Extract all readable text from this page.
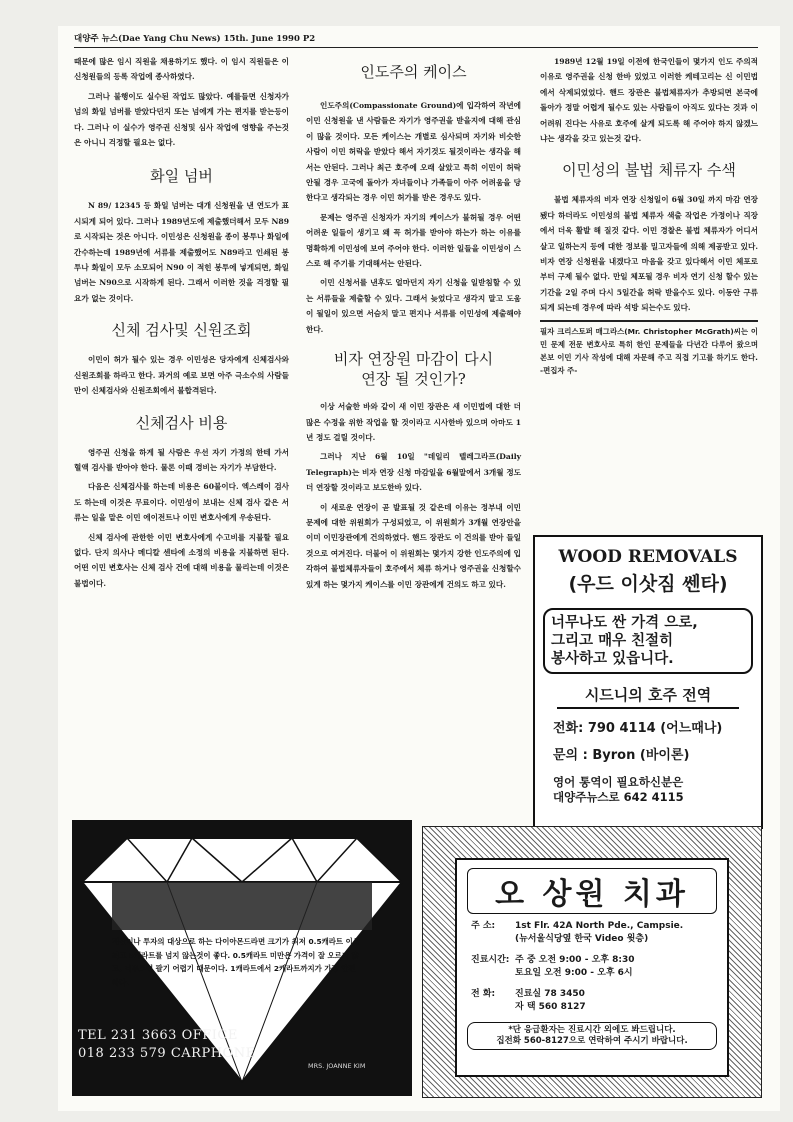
대양주 뉴스(Dae Yang Chu News) 15th. June 1990 P2

때문에 많은 임시 직원을 채용하기도 했다. 이 임시 직원들은 이 신청원들의 등록 작업에 종사하였다.

그러나 불행이도 실수된 작업도 많았다. 예를들면 신청자가 넘의 화일 넘버를 받았다던지 또는 넘에게 가는 편지를 받는등이다. 그러나 이 실수가 영주권 신청및 심사 작업에 영향을 주는것은 아니니 걱정할 필요는 없다.

화일 넘버

N 89/ 12345 등 화일 넘버는 대개 신청원을 낸 연도가 표시되게 되어 있다. 그러나 1989년도에 제출했더해서 모두 N89로 시작되는 것은 아니다. 이민성은 신청원을 종이 봉투나 화일에 간수하는데 1989년에 서류를 제출했어도 N89라고 인쇄된 봉투나 화일이 모두 소모되어 N90 이 적힌 봉투에 넣게되면, 화일 넘버는 N90으로 시작하게 된다. 그래서 이러한 것을 걱정할 필요가 없는 것이다.

신체 검사및 신원조회

이민이 허가 될수 있는 경우 이민성은 당자에게 신체검사와 신원조회를 하라고 한다. 과거의 예로 보면 아주 극소수의 사람들만이 신체검사와 신원조회에서 불합격된다.

신체검사 비용

영주권 신청을 하게 될 사람은 우선 자기 가정의 한테 가서 혈액 검사를 받아야 한다. 물론 이때 경비는 자기가 부담한다.

다음은 신체검사를 하는데 비용은 60불이다. 엑스레이 검사도 하는데 이것은 무료이다. 이민성이 보내는 신체 검사 같은 서류는 일을 맡은 이민 에이전트나 이민 변호사에게 우송된다.

신체 검사에 관한한 이민 변호사에게 수고비를 지불할 필요 없다. 단지 의사나 메디칼 센타에 소정의 비용을 지불하면 된다. 어떤 이민 변호사는 신체 검사 건에 대해 비용을 물리는데 이것은 불법이다.

인도주의 케이스

인도주의(Compassionate Ground)에 입각하여 작년에 이민 신청원을 낸 사람들은 자기가 영주권을 받을지에 대해 관심이 많을 것이다. 모든 케이스는 개별로 심사되며 자기와 비슷한 사람이 이민 허락을 받았다 해서 자기것도 될것이라는 생각을 해서는 안된다. 그러나 최근 호주에 오래 살았고 특히 이민이 허락 안될 경우 고국에 돌아가 자녀들이나 가족들이 아주 어려움을 당한다고 생각되는 경우 이민 허가를 받은 경우도 있다.

문제는 영주권 신청자가 자기의 케이스가 불허될 경우 어떤 어려운 일들이 생기고 왜 꼭 허가를 받아야 하는가 하는 이유를 명확하게 이민성에 보여 주어야 한다. 이러한 일들을 이민성이 스스로 해 주기를 기대해서는 안된다.

이민 신청서를 낸후도 얼마던지 자기 신청을 일받침할 수 있는 서류들을 제출할 수 있다. 그래서 늦었다고 생각지 말고 도움이 될일이 있으면 서슴치 말고 편지나 서류를 이민성에 제출해야 한다.

비자 연장원 마감이 다시
연장 될 것인가?

이상 서술한 바와 같이 새 이민 장관은 새 이민법에 대한 더 많은 수정을 위한 작업을 할 것이라고 시사한바 있으며 아마도 1년 정도 걸릴 것이다.

그러나 지난 6월 10일 "데일리 텔레그라프(Daily Telegraph)는 비자 연장 신청 마감일을 6월말에서 3개월 정도 더 연장할 것이라고 보도한바 있다.

이 새로운 연장이 곧 발표될 것 같은데 이유는 정부내 이민 문제에 대한 위원회가 구성되었고, 이 위원회가 3개월 연장안을 이미 이민장관에게 건의하였다. 핸드 장관도 이 건의를 받아 들일 것으로 여겨진다. 더불어 이 위원회는 몇가지 강한 인도주의에 입각하여 불법체류자들이 호주에서 체류 하거나 영주권을 신청할수 있게 하는 몇가지 케이스를 이민 장관에게 건의도 하고 있다.

1989년 12월 19일 이전에 한국인들이 몇가지 인도 주의적 이유로 영주권을 신청 한바 있었고 이러한 케테고리는 신 이민법에서 삭제되었었다. 핸드 장관은 불법체류자가 추방되면 본국에 돌아가 정말 어렵게 될수도 있는 사람들이 아직도 있다는 것과 이 어려워 진다는 사유로 호주에 살게 되도록 해 주어야 하지 않겠느냐는 생각을 갖고 있는것 같다.

이민성의 불법 체류자 수색

불법 체류자의 비자 연장 신청일이 6월 30일 까지 마감 연장 됐다 하더라도 이민성의 불법 체류자 색출 작업은 가정이나 직장에서 더욱 활발 해 질것 같다. 이민 경찰은 불법 체류자가 어디서 살고 일하는지 등에 대한 정보를 밀고자들에 의해 제공받고 있다. 비자 연장 신청원을 내겠다고 마음을 갖고 있다해서 이민 체포로 부터 구제 될수 없다. 만일 체포될 경우 비자 연기 신청 할수 있는 기간을 2일 주며 다시 5일간을 허락 받을수도 있다. 이동안 구류되게 되는데 경우에 따라 석방 되는수도 있다.

필자 크리스토퍼 매그라스(Mr. Christopher McGrath)씨는 이민 문제 전문 변호사로 특히 한인 문제들을 다년간 다루어 왔으며 본보 이민 기사 작성에 대해 자문해 주고 직접 기고를 하기도 한다. -편집자 주-
WOOD REMOVALS
(우드 이삿짐 쎈타)
너무나도 싼 가격 으로,
그리고 매우 친절히
봉사하고 있읍니다.
시드니의 호주 전역
전화: 790 4114 (어느때나)
문의 : Byron (바이론)
영어 통역이 필요하신분은
대양주뉴스로 642 4115
재산이나 투자의 대상으로 하는 다이아몬드라면 크기가 최저 0.5캐라트 이상 최고 5캐라트를 넘지 않는것이 좋다. 0.5캐라트 미만은 가격이 잘 오르지 않고, 너무크면 팔기 어렵기 때문이다. 1캐라트에서 2캐라트까지가 가장 안전하다.
TEL 231 3663 OFFICE
018 233 579 CARPHONE
MRS. JOANNE KIM
오 상원 치과
주 소: 1st Flr. 42A North Pde., Campsie.
(뉴서울식당옆 한국 Video 윗층)
진료시간: 주 중 오전 9:00 - 오후 8:30
토요일 오전 9:00 - 오후 6시
전 화: 진료실 78 3450
자 택 560 8127
*단 응급환자는 진료시간 외에도 봐드립니다.
집전화 560-8127으로 연락하여 주시기 바랍니다.
